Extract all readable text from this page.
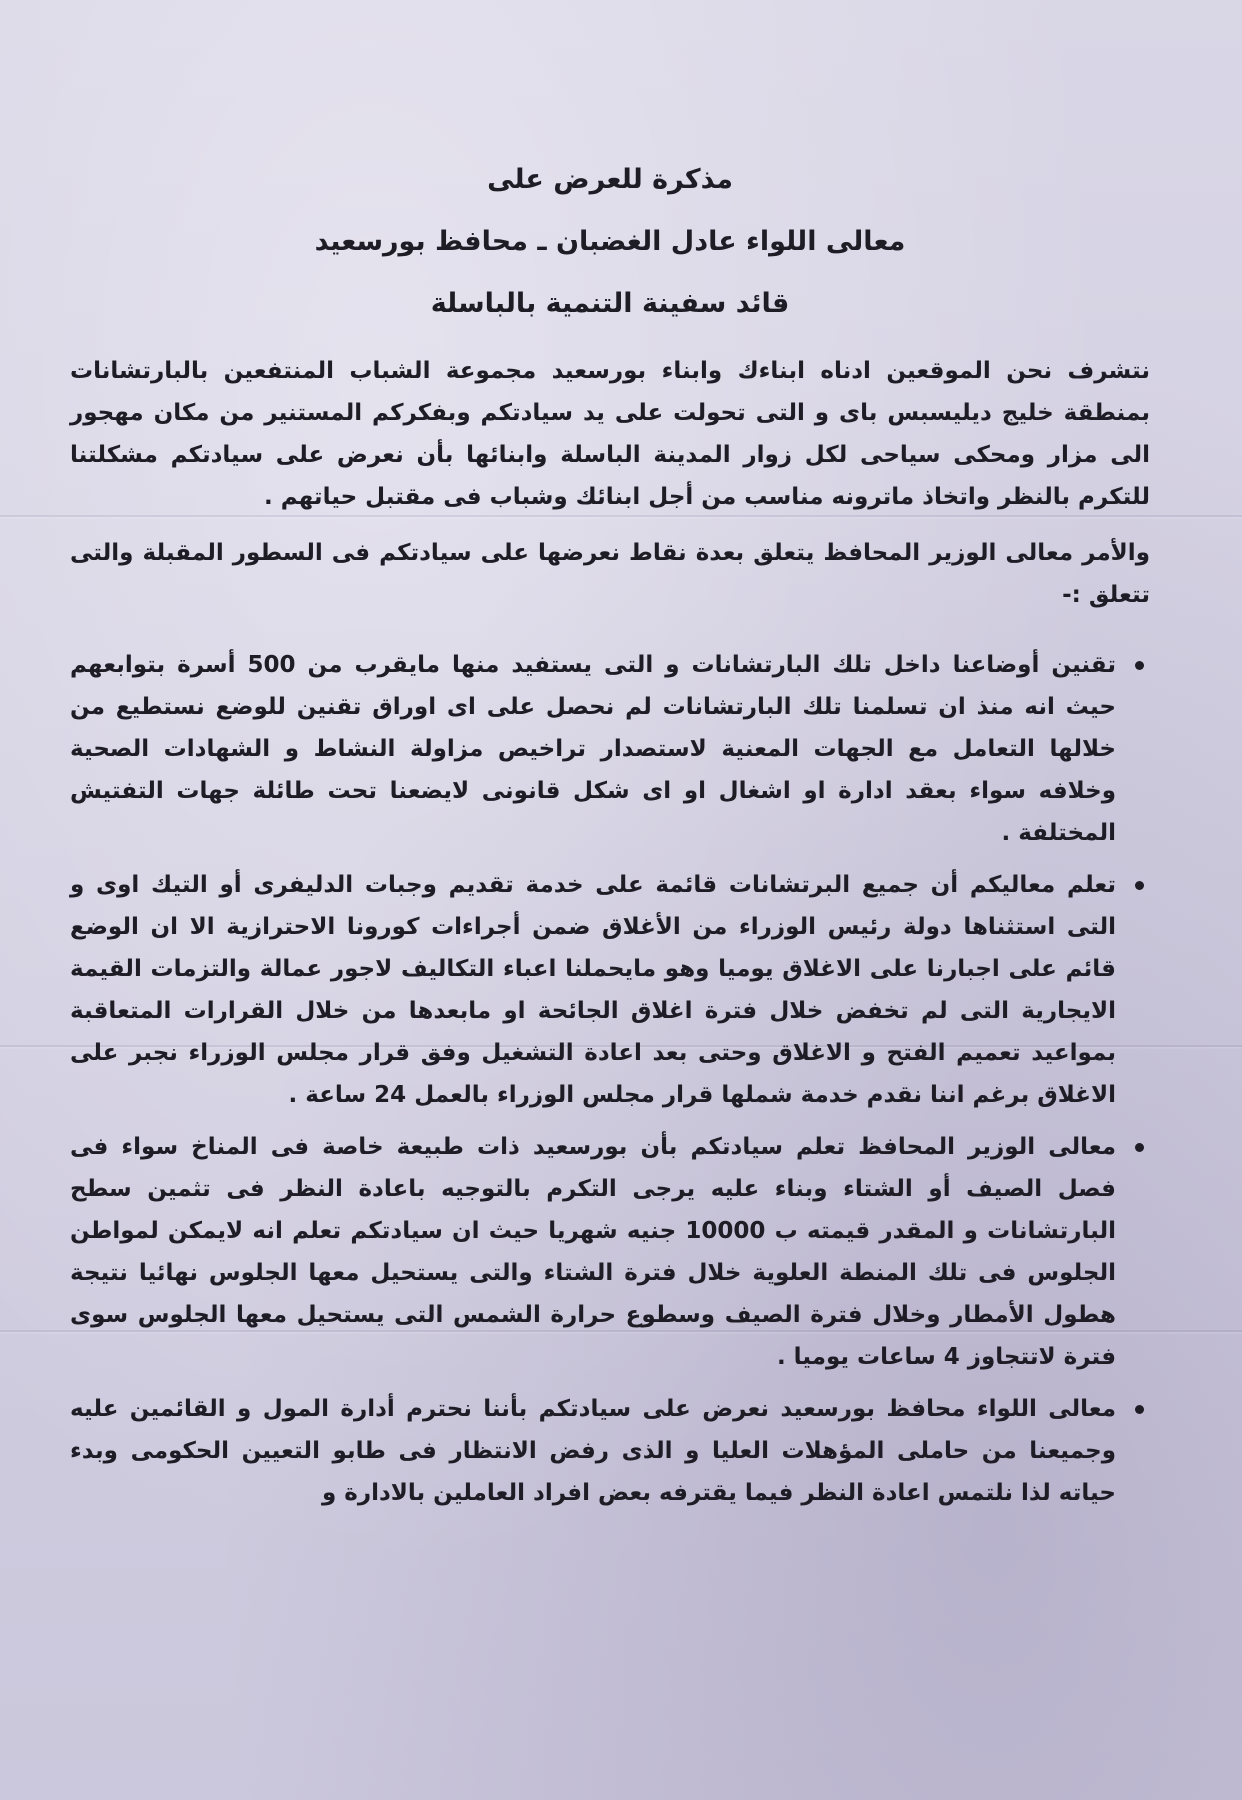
مذكرة للعرض على

معالى اللواء عادل الغضبان ـ محافظ بورسعيد

قائد سفينة التنمية بالباسلة

نتشرف نحن الموقعين ادناه ابناءك وابناء بورسعيد مجموعة الشباب المنتفعين بالبارتشانات بمنطقة خليج ديليسبس باى و التى تحولت على يد سيادتكم وبفكركم المستنير من مكان مهجور الى مزار ومحكى سياحى لكل زوار المدينة الباسلة وابنائها بأن نعرض على سيادتكم مشكلتنا للتكرم بالنظر واتخاذ ماترونه مناسب من أجل ابنائك وشباب فى مقتبل حياتهم .

والأمر معالى الوزير المحافظ يتعلق بعدة نقاط نعرضها على سيادتكم فى السطور المقبلة والتى تتعلق :-

تقنين أوضاعنا داخل تلك البارتشانات و التى يستفيد منها مايقرب من 500 أسرة بتوابعهم حيث انه منذ ان تسلمنا تلك البارتشانات لم نحصل على اى اوراق تقنين للوضع نستطيع من خلالها التعامل مع الجهات المعنية لاستصدار تراخيص مزاولة النشاط و الشهادات الصحية وخلافه سواء بعقد ادارة او اشغال او اى شكل قانونى لايضعنا تحت طائلة جهات التفتيش المختلفة .
تعلم معاليكم أن جميع البرتشانات قائمة على خدمة تقديم وجبات الدليفرى أو التيك اوى و التى استثناها دولة رئيس الوزراء من الأغلاق ضمن أجراءات كورونا الاحترازية الا ان الوضع قائم على اجبارنا على الاغلاق يوميا وهو مايحملنا اعباء التكاليف لاجور عمالة والتزمات القيمة الايجارية التى لم تخفض خلال فترة اغلاق الجائحة او مابعدها من خلال القرارات المتعاقبة بمواعيد تعميم الفتح و الاغلاق وحتى بعد اعادة التشغيل وفق قرار مجلس الوزراء نجبر على الاغلاق برغم اننا نقدم خدمة شملها قرار مجلس الوزراء بالعمل 24 ساعة .
معالى الوزير المحافظ تعلم سيادتكم بأن بورسعيد ذات طبيعة خاصة فى المناخ سواء فى فصل الصيف أو الشتاء وبناء عليه يرجى التكرم بالتوجيه باعادة النظر فى تثمين سطح البارتشانات و المقدر قيمته ب 10000 جنيه شهريا حيث ان سيادتكم تعلم انه لايمكن لمواطن الجلوس فى تلك المنطة العلوية خلال فترة الشتاء والتى يستحيل معها الجلوس نهائيا نتيجة هطول الأمطار وخلال فترة الصيف وسطوع حرارة الشمس التى يستحيل معها الجلوس سوى فترة لاتتجاوز 4 ساعات يوميا .
معالى اللواء محافظ بورسعيد نعرض على سيادتكم بأننا نحترم أدارة المول و القائمين عليه وجميعنا من حاملى المؤهلات العليا و الذى رفض الانتظار فى طابو التعيين الحكومى وبدء حياته لذا نلتمس اعادة النظر فيما يقترفه بعض افراد العاملين بالادارة و
